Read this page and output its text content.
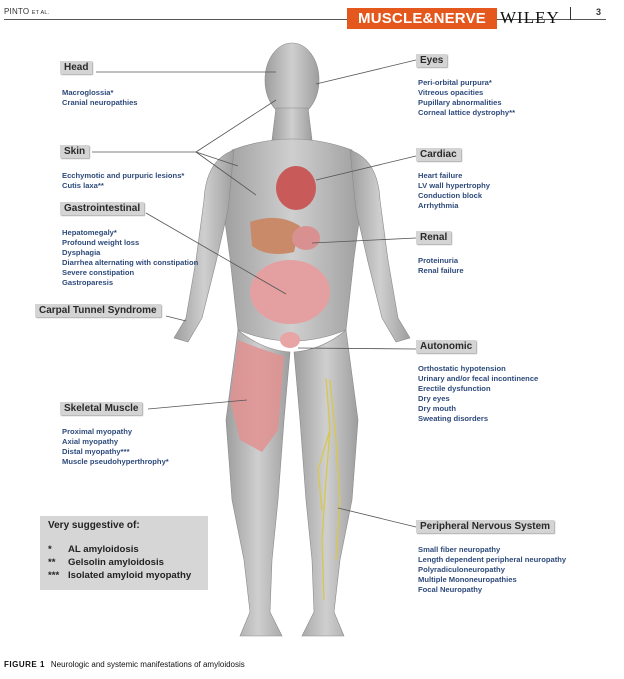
PINTO ET AL.	MUSCLE&NERVE WILEY	3
Head
Macroglossia*
Cranial neuropathies
Skin
Ecchymotic and purpuric lesions*
Cutis laxa**
Gastrointestinal
Hepatomegaly*
Profound weight loss
Dysphagia
Diarrhea alternating with constipation
Severe constipation
Gastroparesis
Carpal Tunnel Syndrome
Skeletal Muscle
Proximal myopathy
Axial myopathy
Distal myopathy***
Muscle pseudohyperthrophy*
Eyes
Peri-orbital purpura*
Vitreous opacities
Pupillary abnormalities
Corneal lattice dystrophy**
Cardiac
Heart failure
LV wall hypertrophy
Conduction block
Arrhythmia
Renal
Proteinuria
Renal failure
Autonomic
Orthostatic hypotension
Urinary and/or fecal incontinence
Erectile dysfunction
Dry eyes
Dry mouth
Sweating disorders
Peripheral Nervous System
Small fiber neuropathy
Length dependent peripheral neuropathy
Polyradiculoneuropathy
Multiple Mononeuropathies
Focal Neuropathy
Very suggestive of:
* AL amyloidosis
** Gelsolin amyloidosis
*** Isolated amyloid myopathy
FIGURE 1 Neurologic and systemic manifestations of amyloidosis
